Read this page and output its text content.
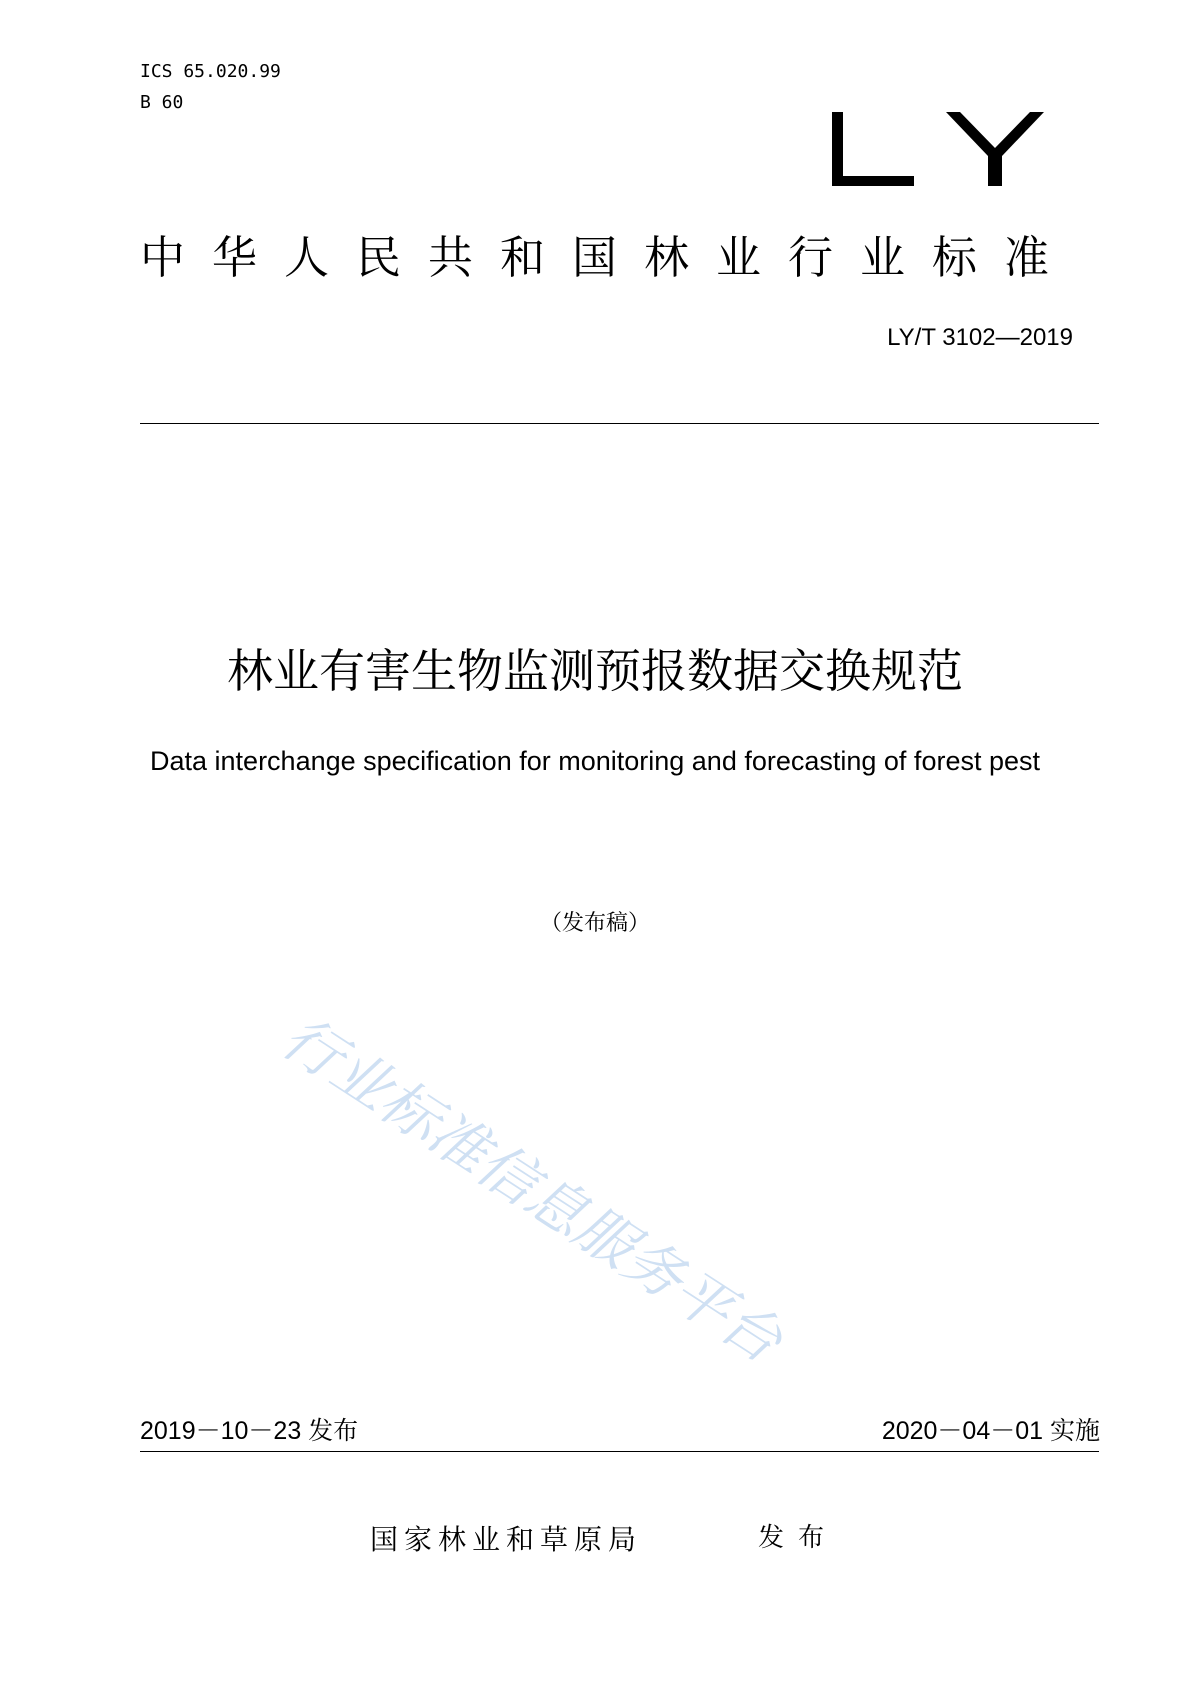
ICS 65.020.99
B 60
中华人民共和国林业行业标准
LY/T 3102—2019
林业有害生物监测预报数据交换规范
Data interchange specification for monitoring and forecasting of forest pest
（发布稿）
行业标准信息服务平台
2019－10－23 发布	2020－04－01 实施
国家林业和草原局	发布
